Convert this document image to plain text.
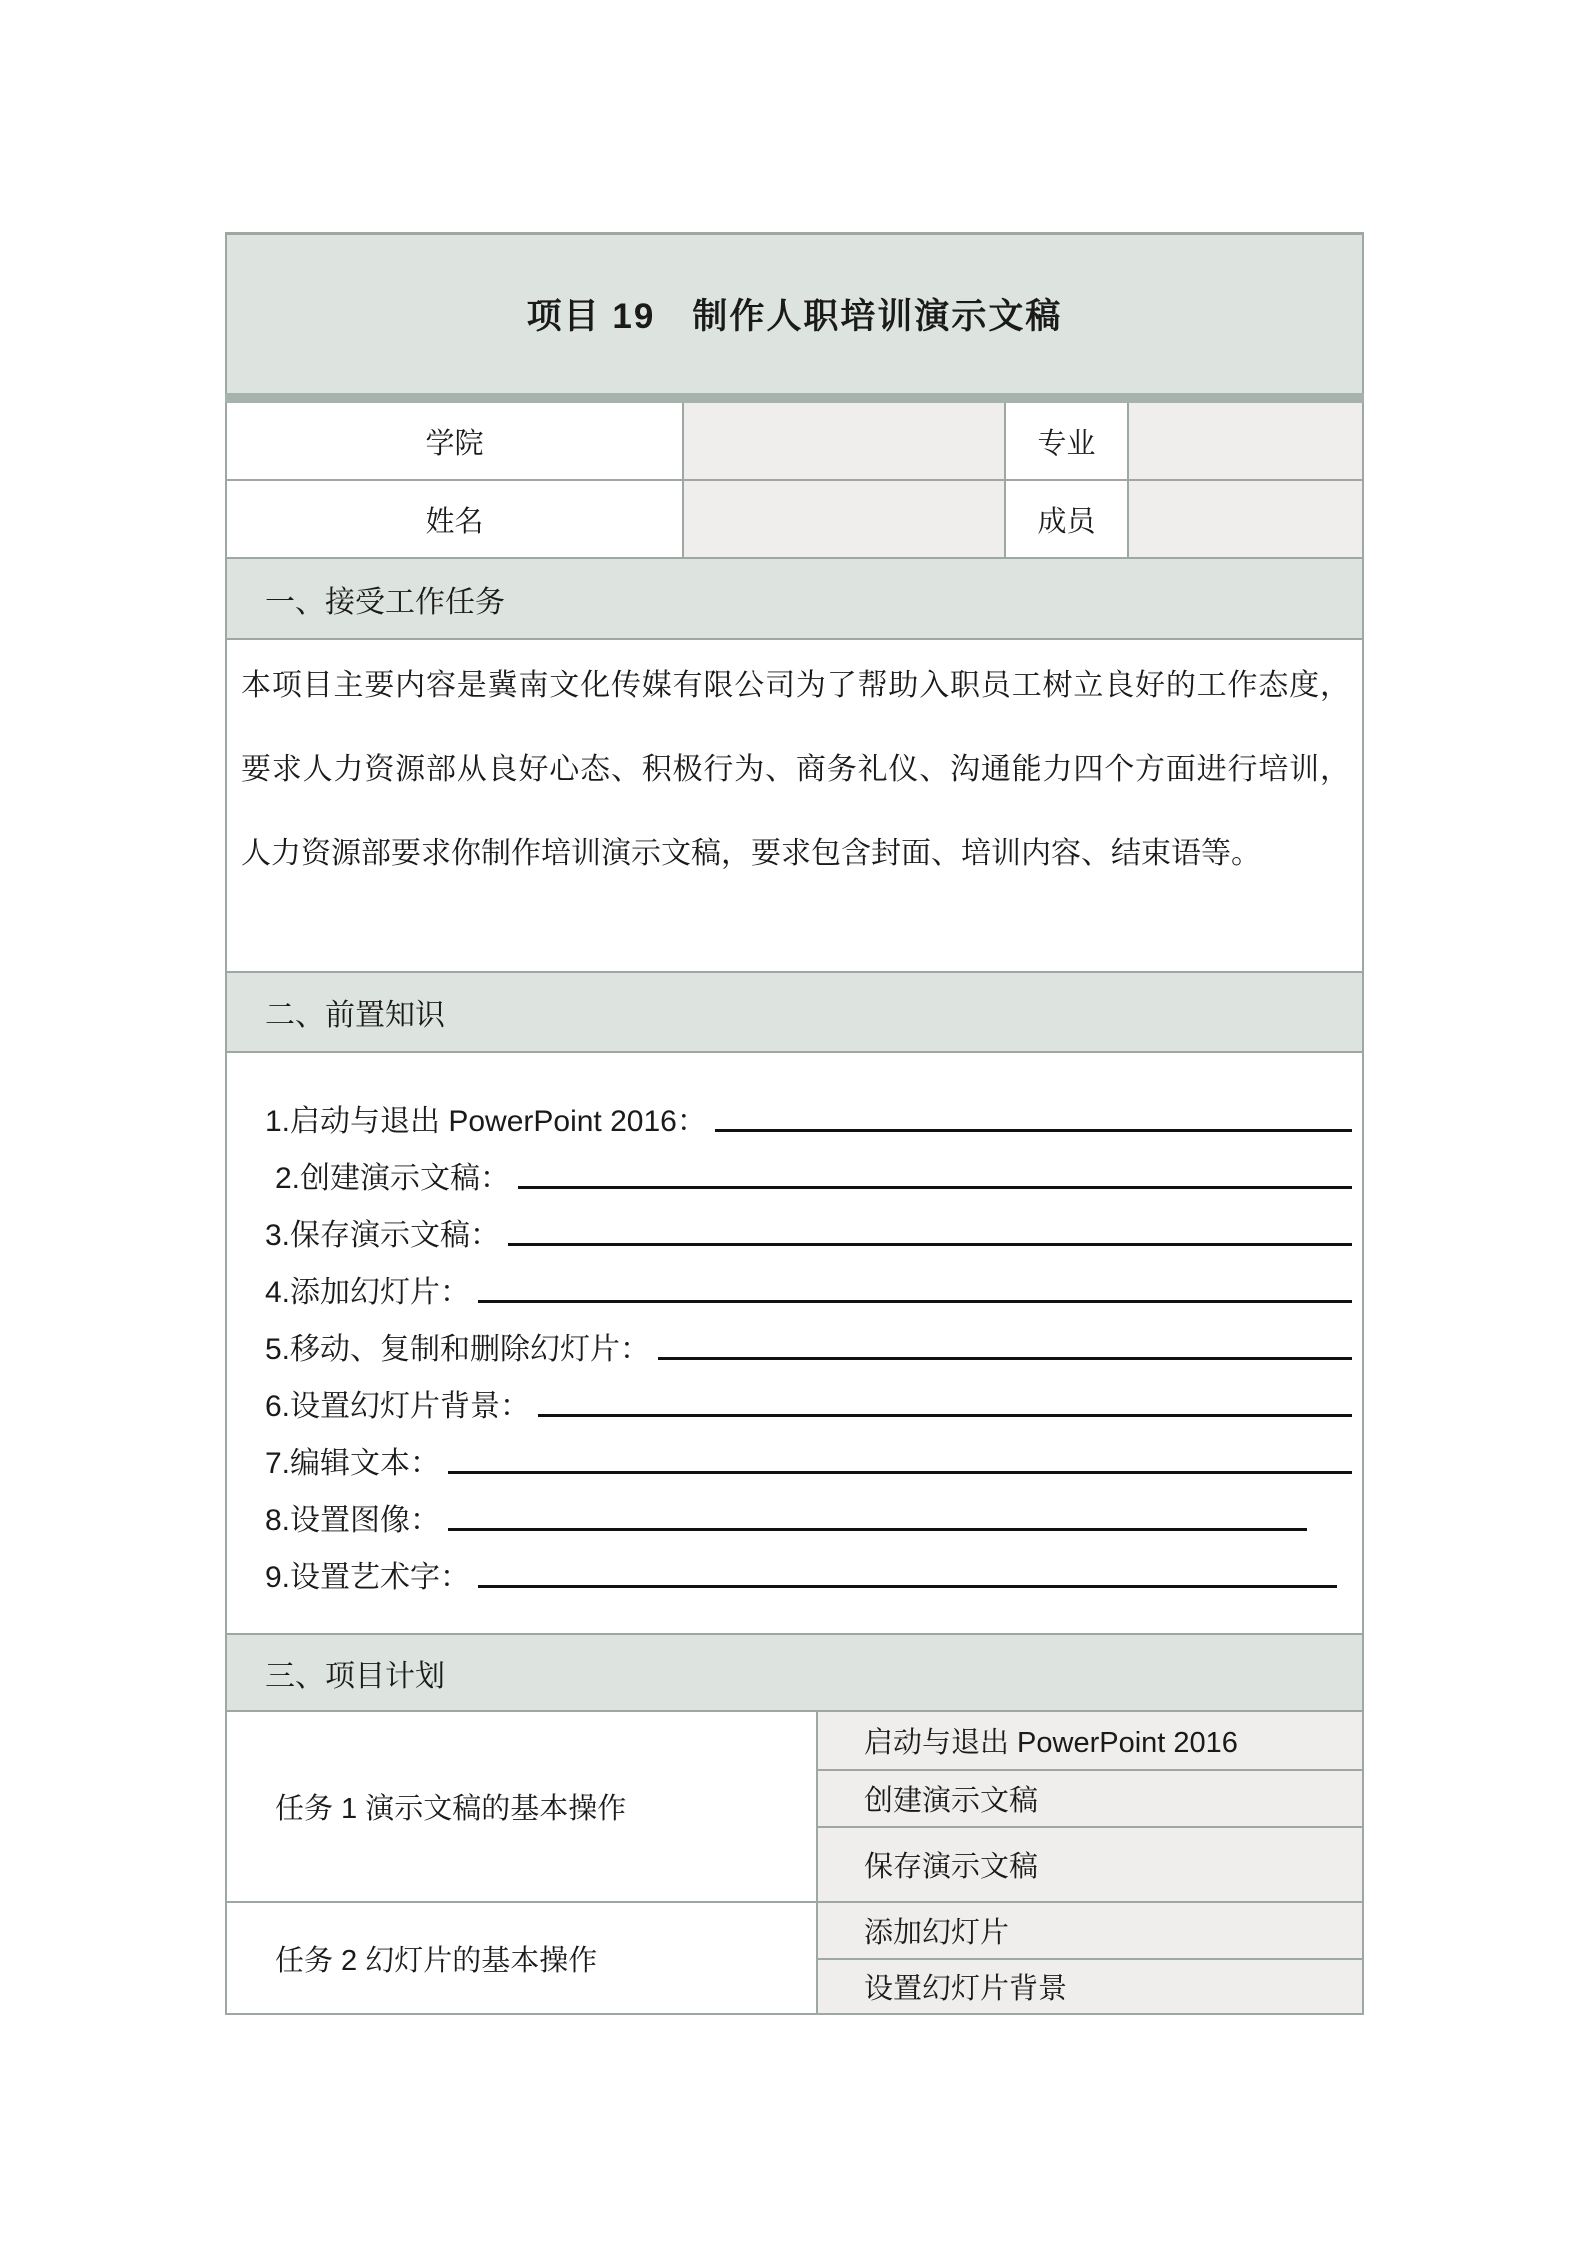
项目 19　制作人职培训演示文稿
学院	专业
姓名	成员
一、接受工作任务

本项目主要内容是冀南文化传媒有限公司为了帮助入职员工树立良好的工作态度，要求人力资源部从良好心态、积极行为、商务礼仪、沟通能力四个方面进行培训，人力资源部要求你制作培训演示文稿，要求包含封面、培训内容、结束语等。

二、前置知识
1.启动与退出 PowerPoint 2016：
2.创建演示文稿：
3.保存演示文稿：
4.添加幻灯片：
5.移动、复制和删除幻灯片：
6.设置幻灯片背景：
7.编辑文本：
8.设置图像：
9.设置艺术字：
三、项目计划
任务 1 演示文稿的基本操作
任务 2 幻灯片的基本操作
启动与退出 PowerPoint 2016
创建演示文稿
保存演示文稿
添加幻灯片
设置幻灯片背景
